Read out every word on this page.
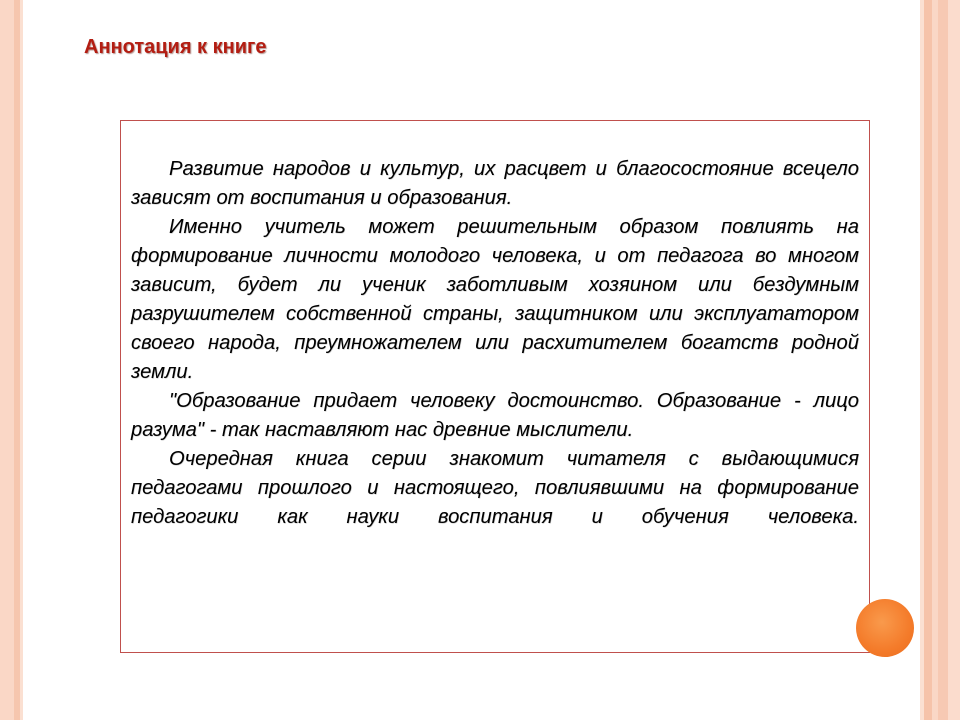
Аннотация к книге

Развитие народов и культур, их расцвет и благосостояние всецело зависят от воспитания и образования.

Именно учитель может решительным образом повлиять на формирование личности молодого человека, и от педагога во многом зависит, будет ли ученик заботливым хозяином или бездумным разрушителем собственной страны, защитником или эксплуататором своего народа, преумножателем или расхитителем богатств родной земли.

"Образование придает человеку достоинство. Образование - лицо разума" - так наставляют нас древние мыслители.

Очередная книга серии знакомит читателя с выдающимися педагогами прошлого и настоящего, повлиявшими на формирование педагогики как науки воспитания и обучения человека.
